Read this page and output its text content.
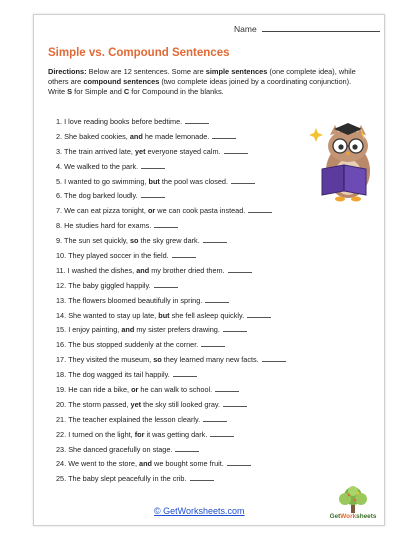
Name
Simple vs. Compound Sentences
Directions: Below are 12 sentences. Some are simple sentences (one complete idea), while others are compound sentences (two complete ideas joined by a coordinating conjunction). Write S for Simple and C for Compound in the blanks.
1. I love reading books before bedtime.
2. She baked cookies, and he made lemonade.
3. The train arrived late, yet everyone stayed calm.
4. We walked to the park.
5. I wanted to go swimming, but the pool was closed.
6. The dog barked loudly.
7. We can eat pizza tonight, or we can cook pasta instead.
8. He studies hard for exams.
9. The sun set quickly, so the sky grew dark.
10. They played soccer in the field.
11. I washed the dishes, and my brother dried them.
12. The baby giggled happily.
13. The flowers bloomed beautifully in spring.
14. She wanted to stay up late, but she fell asleep quickly.
15. I enjoy painting, and my sister prefers drawing.
16. The bus stopped suddenly at the corner.
17. They visited the museum, so they learned many new facts.
18. The dog wagged its tail happily.
19. He can ride a bike, or he can walk to school.
20. The storm passed, yet the sky still looked gray.
21. The teacher explained the lesson clearly.
22. I turned on the light, for it was getting dark.
23. She danced gracefully on stage.
24. We went to the store, and we bought some fruit.
25. The baby slept peacefully in the crib.
© GetWorksheets.com
GetWorksheets
